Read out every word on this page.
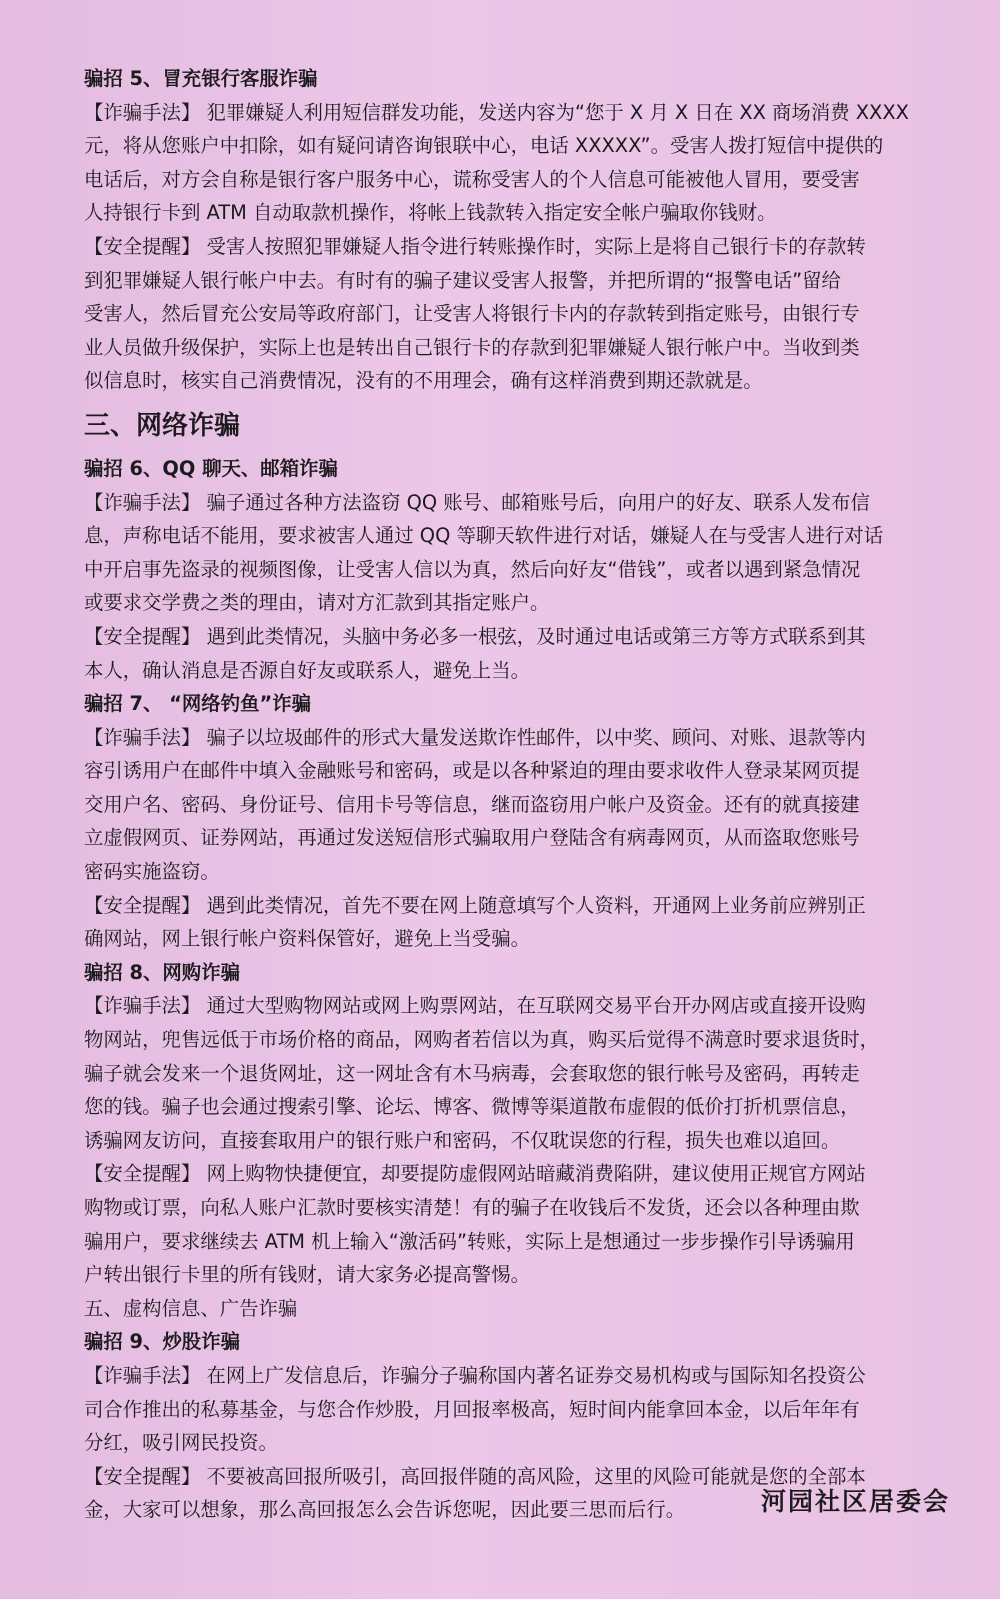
骗招 5、冒充银行客服诈骗

【诈骗手法】 犯罪嫌疑人利用短信群发功能，发送内容为“您于 X 月 X 日在 XX 商场消费 XXXX

元，将从您账户中扣除，如有疑问请咨询银联中心，电话 XXXXX”。受害人拨打短信中提供的

电话后，对方会自称是银行客户服务中心，谎称受害人的个人信息可能被他人冒用，要受害

人持银行卡到 ATM 自动取款机操作，将帐上钱款转入指定安全帐户骗取你钱财。

【安全提醒】 受害人按照犯罪嫌疑人指令进行转账操作时，实际上是将自己银行卡的存款转

到犯罪嫌疑人银行帐户中去。有时有的骗子建议受害人报警，并把所谓的“报警电话”留给

受害人，然后冒充公安局等政府部门，让受害人将银行卡内的存款转到指定账号，由银行专

业人员做升级保护，实际上也是转出自己银行卡的存款到犯罪嫌疑人银行帐户中。当收到类

似信息时，核实自己消费情况，没有的不用理会，确有这样消费到期还款就是。

三、网络诈骗

骗招 6、QQ 聊天、邮箱诈骗

【诈骗手法】 骗子通过各种方法盗窃 QQ 账号、邮箱账号后，向用户的好友、联系人发布信

息，声称电话不能用，要求被害人通过 QQ 等聊天软件进行对话，嫌疑人在与受害人进行对话

中开启事先盗录的视频图像，让受害人信以为真，然后向好友“借钱”，或者以遇到紧急情况

或要求交学费之类的理由，请对方汇款到其指定账户。

【安全提醒】 遇到此类情况，头脑中务必多一根弦，及时通过电话或第三方等方式联系到其

本人，确认消息是否源自好友或联系人，避免上当。

骗招 7、 “网络钓鱼”诈骗

【诈骗手法】 骗子以垃圾邮件的形式大量发送欺诈性邮件，以中奖、顾问、对账、退款等内

容引诱用户在邮件中填入金融账号和密码，或是以各种紧迫的理由要求收件人登录某网页提

交用户名、密码、身份证号、信用卡号等信息，继而盗窃用户帐户及资金。还有的就真接建

立虚假网页、证券网站，再通过发送短信形式骗取用户登陆含有病毒网页，从而盗取您账号

密码实施盗窃。

【安全提醒】 遇到此类情况，首先不要在网上随意填写个人资料，开通网上业务前应辨别正

确网站，网上银行帐户资料保管好，避免上当受骗。

骗招 8、网购诈骗

【诈骗手法】 通过大型购物网站或网上购票网站，在互联网交易平台开办网店或直接开设购

物网站，兜售远低于市场价格的商品，网购者若信以为真，购买后觉得不满意时要求退货时，

骗子就会发来一个退货网址，这一网址含有木马病毒，会套取您的银行帐号及密码，再转走

您的钱。骗子也会通过搜索引擎、论坛、博客、微博等渠道散布虚假的低价打折机票信息，

诱骗网友访问，直接套取用户的银行账户和密码，不仅耽误您的行程，损失也难以追回。

【安全提醒】 网上购物快捷便宜，却要提防虚假网站暗藏消费陷阱，建议使用正规官方网站

购物或订票，向私人账户汇款时要核实清楚！有的骗子在收钱后不发货，还会以各种理由欺

骗用户，要求继续去 ATM 机上输入“激活码”转账，实际上是想通过一步步操作引导诱骗用

户转出银行卡里的所有钱财，请大家务必提高警惕。

五、虚构信息、广告诈骗

骗招 9、炒股诈骗

【诈骗手法】 在网上广发信息后，诈骗分子骗称国内著名证券交易机构或与国际知名投资公

司合作推出的私募基金，与您合作炒股，月回报率极高，短时间内能拿回本金，以后年年有

分红，吸引网民投资。

【安全提醒】 不要被高回报所吸引，高回报伴随的高风险，这里的风险可能就是您的全部本

金，大家可以想象，那么高回报怎么会告诉您呢，因此要三思而后行。	河园社区居委会
